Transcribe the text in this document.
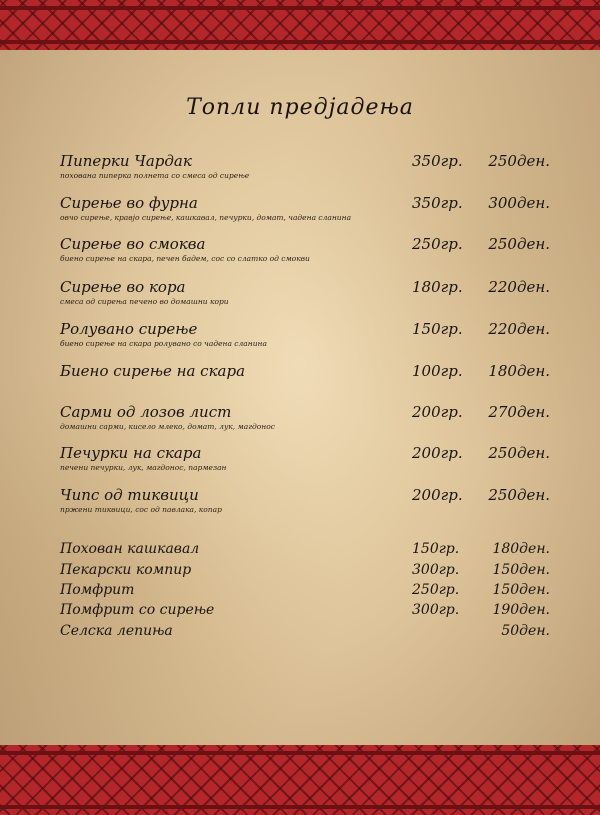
Топли предјадења
Пиперки Чардак
похована пиперка полнета со смеса од сирење
350гр. 250ден.
Сирење во фурна
овчо сирење, кравјо сирење, кашкавал, печурки, домат, чадена сланина
350гр. 300ден.
Сирење во смоква
биено сирење на скара, печен бадем, сос со слатко од смокви
250гр. 250ден.
Сирење во кора
смеса од сирења печено во домашни кори
180гр. 220ден.
Ролувано сирење
биено сирење на скара ролувано со чадена сланина
150гр. 220ден.
Биено сирење на скара	100гр. 180ден.
Сарми од лозов лист
домашни сарми, кисело млеко, домат, лук, магдонос
200гр. 270ден.
Печурки на скара
печени печурки, лук, магдонос, пармезан
200гр. 250ден.
Чипс од тиквици
пржени тиквици, сос од павлака, копар
200гр. 250ден.
Похован кашкавал	150гр. 180ден.
Пекарски компир	300гр. 150ден.
Помфрит	250гр. 150ден.
Помфрит со сирење	300гр. 190ден.
Селска лепиња	50ден.
